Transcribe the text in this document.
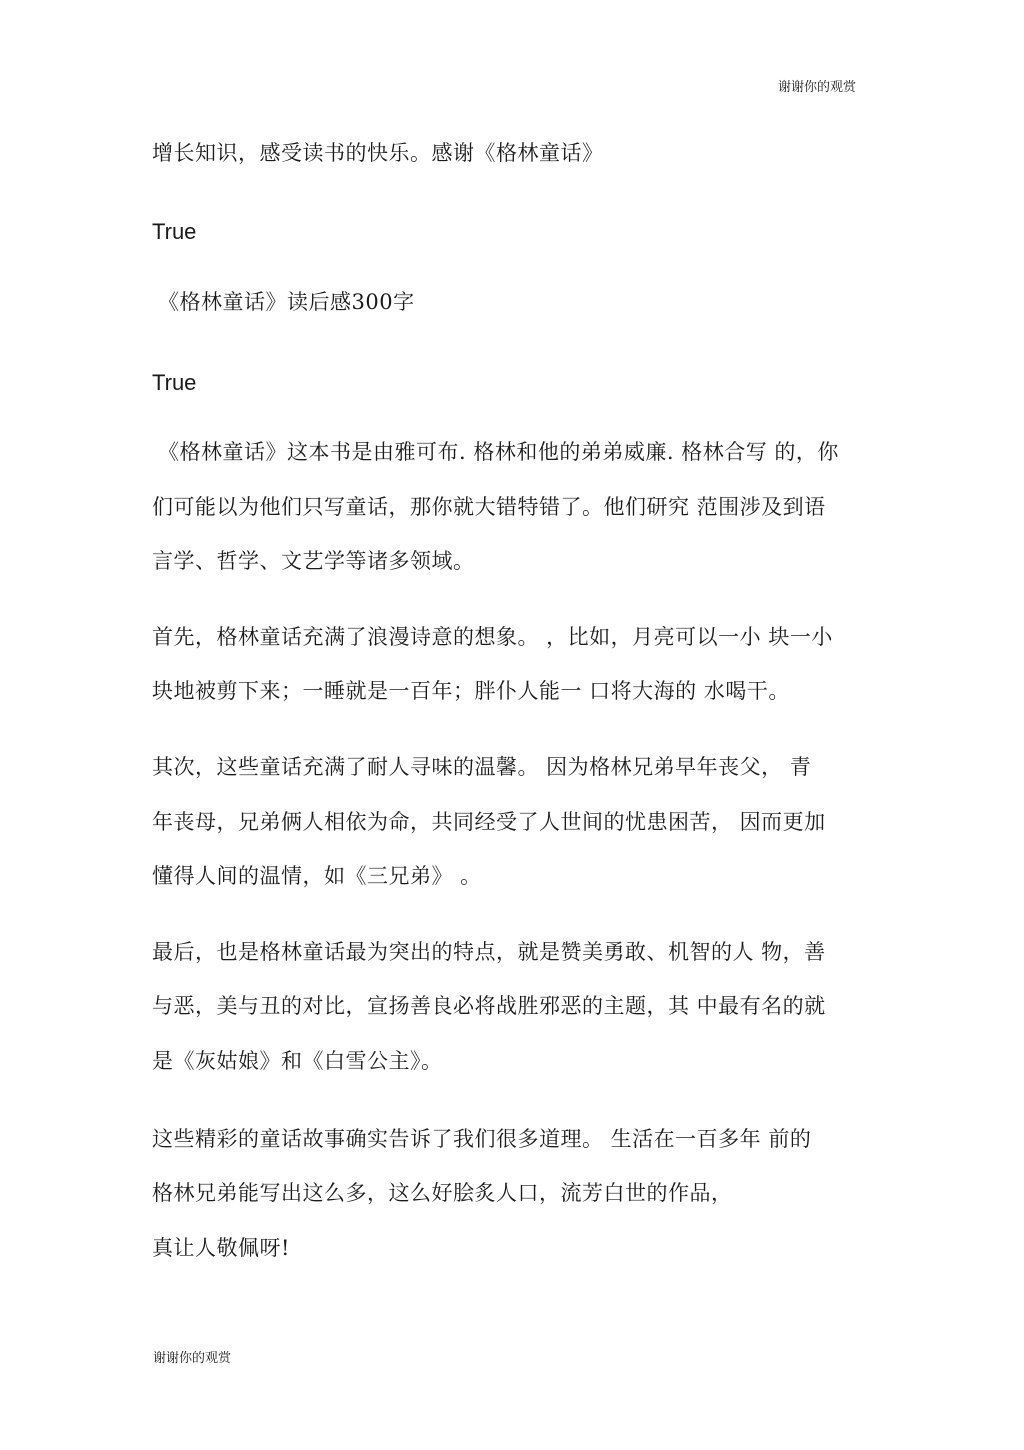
谢谢你的观赏
增长知识，感受读书的快乐。感谢《格林童话》
True
《格林童话》读后感300字
True
《格林童话》这本书是由雅可布. 格林和他的弟弟威廉. 格林合写 的，你
们可能以为他们只写童话，那你就大错特错了。他们研究 范围涉及到语
言学、哲学、文艺学等诸多领域。
首先，格林童话充满了浪漫诗意的想象。 ，比如，月亮可以一小 块一小
块地被剪下来；一睡就是一百年；胖仆人能一 口将大海的 水喝干。
其次，这些童话充满了耐人寻味的温馨。 因为格林兄弟早年丧父， 青
年丧母，兄弟俩人相依为命，共同经受了人世间的忧患困苦， 因而更加
懂得人间的温情，如《三兄弟》 。
最后，也是格林童话最为突出的特点，就是赞美勇敢、机智的人 物，善
与恶，美与丑的对比，宣扬善良必将战胜邪恶的主题，其 中最有名的就
是《灰姑娘》和《白雪公主》。
这些精彩的童话故事确实告诉了我们很多道理。 生活在一百多年 前的
格林兄弟能写出这么多，这么好脍炙人口，流芳白世的作品，
真让人敬佩呀!
谢谢你的观赏
